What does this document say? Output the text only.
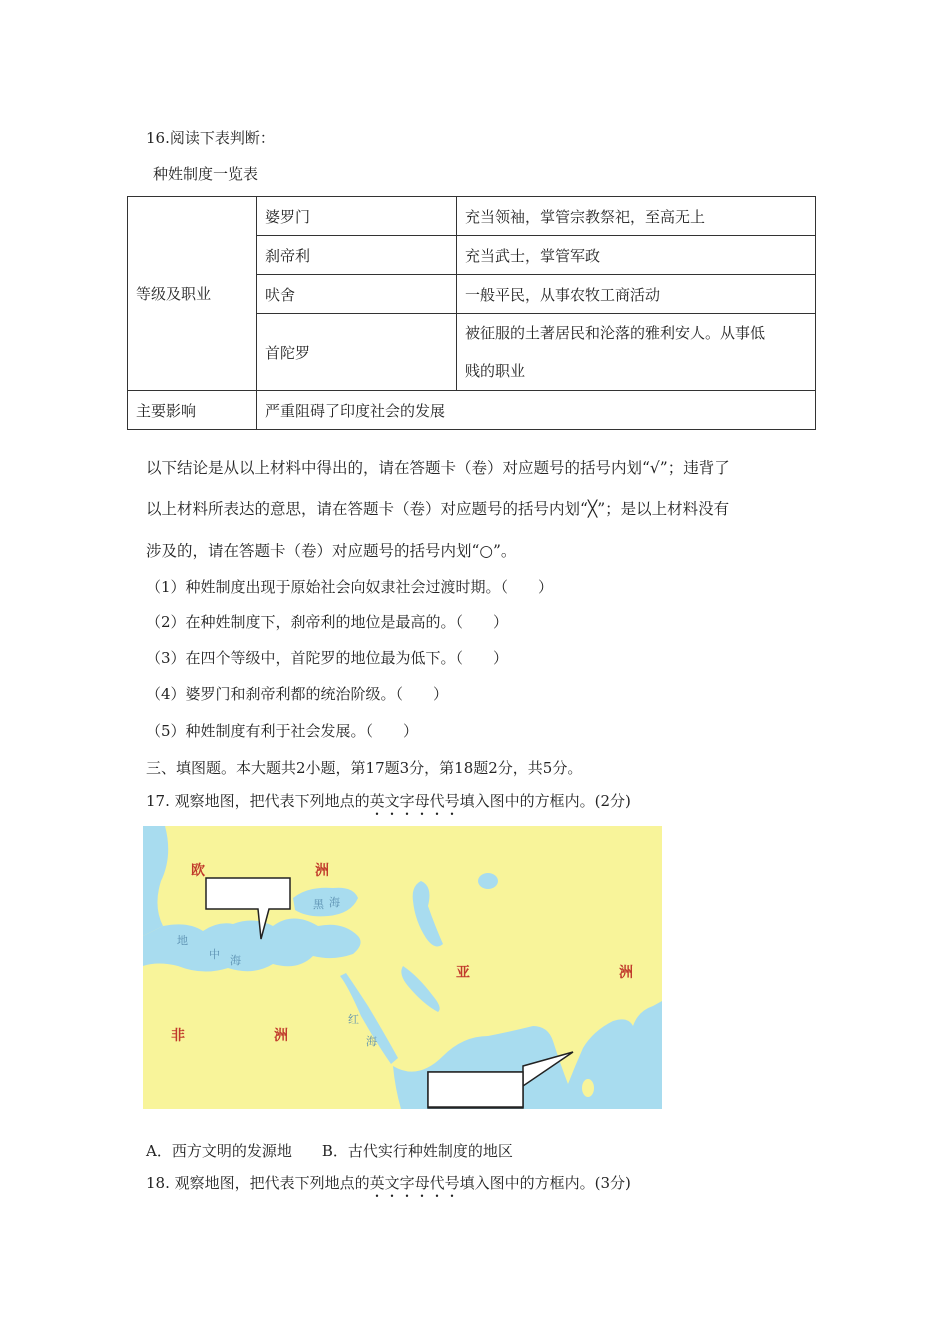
16.阅读下表判断：
种姓制度一览表
等级及职业	婆罗门	充当领袖，掌管宗教祭祀，至高无上
	刹帝利	充当武士，掌管军政
	吠舍	一般平民，从事农牧工商活动
	首陀罗	被征服的土著居民和沦落的雅利安人。从事低
贱的职业

主要影响	严重阻碍了印度社会的发展	
以下结论是从以上材料中得出的，请在答题卡（卷）对应题号的括号内划“√”；违背了
以上材料所表达的意思，请在答题卡（卷）对应题号的括号内划“╳”；是以上材料没有
涉及的，请在答题卡（卷）对应题号的括号内划“○”。
（1）种姓制度出现于原始社会向奴隶社会过渡时期。（　　）
（2）在种姓制度下，刹帝利的地位是最高的。（　　）
（3）在四个等级中，首陀罗的地位最为低下。（　　）
（4）婆罗门和刹帝利都的统治阶级。（　　）
（5）种姓制度有利于社会发展。（　　）
三、填图题。本大题共2小题，第17题3分，第18题2分，共5分。
17. 观察地图，把代表下列地点的英文字母代号填入图中的方框内。(2分)
欧	洲
亚	洲
非	洲
黑 海
地
中 海
红
海
A．西方文明的发源地　　B．古代实行种姓制度的地区
18. 观察地图，把代表下列地点的英文字母代号填入图中的方框内。(3分)
